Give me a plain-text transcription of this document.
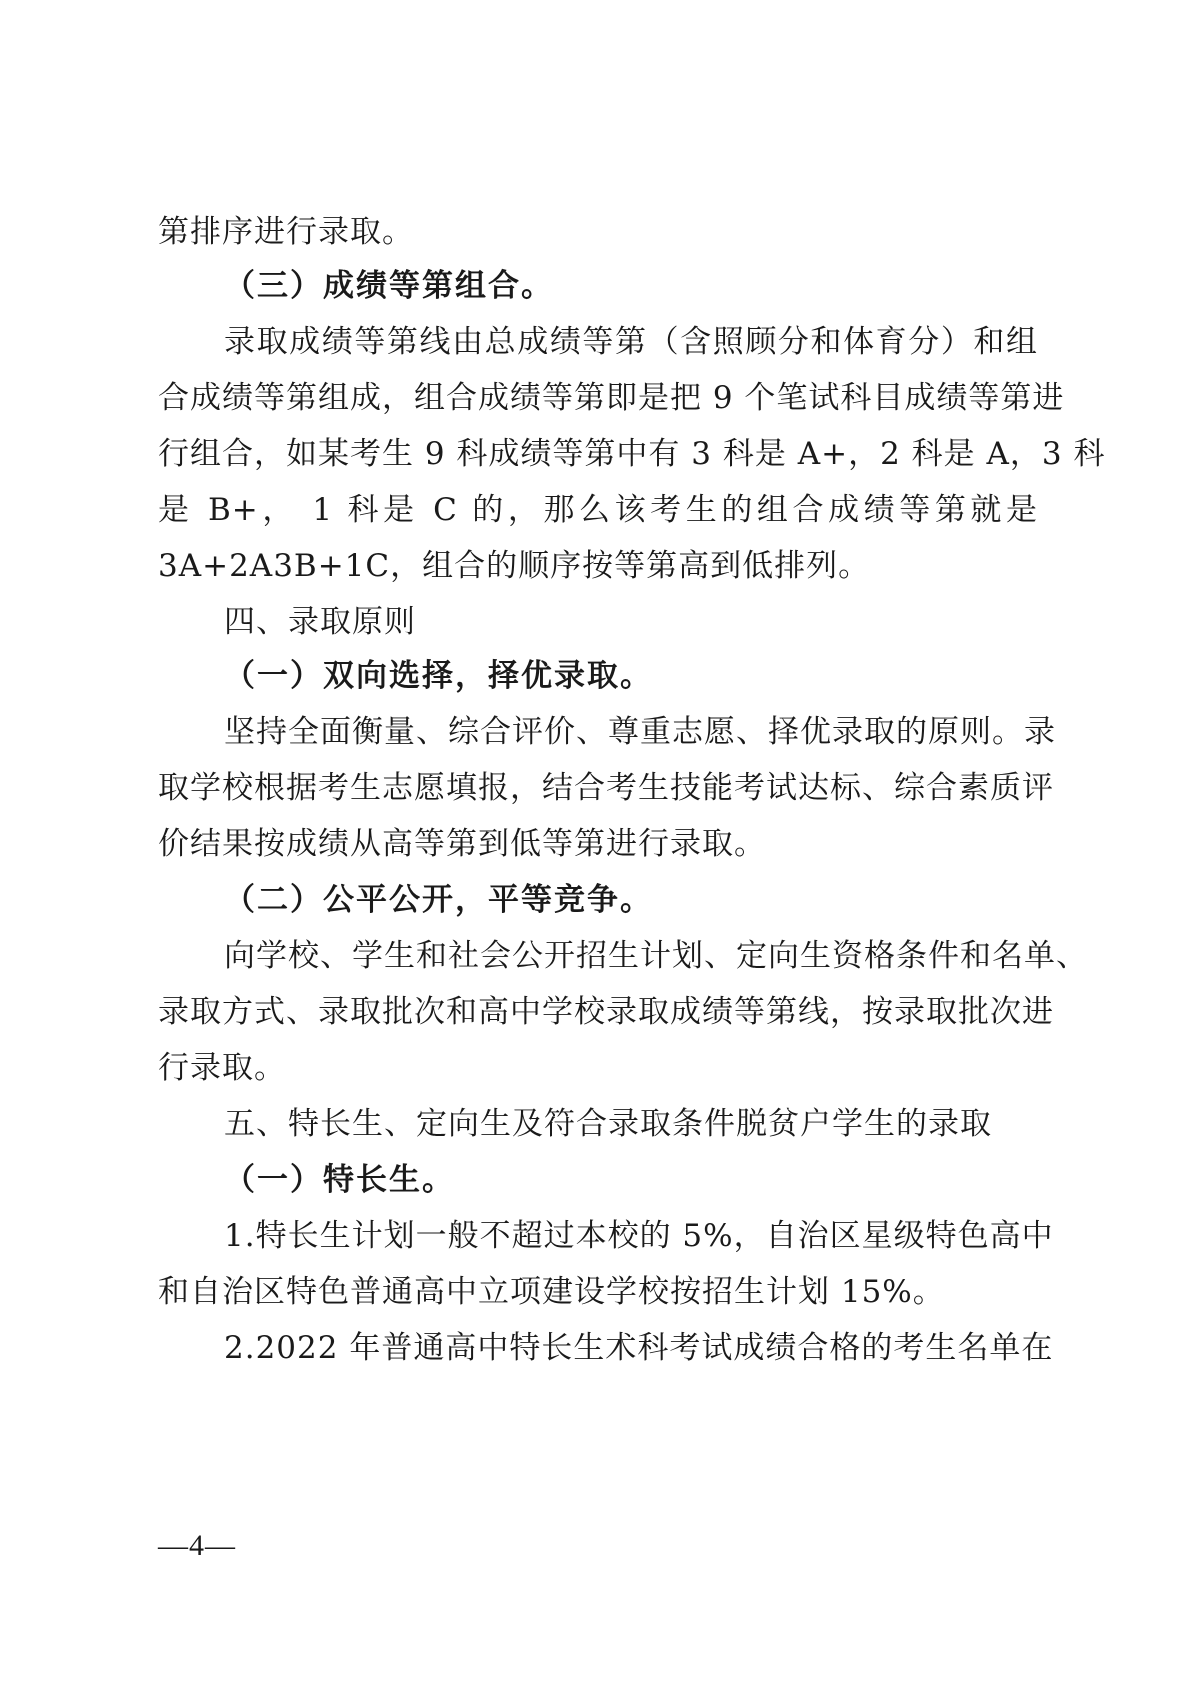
第排序进行录取。
（三）成绩等第组合。
录取成绩等第线由总成绩等第（含照顾分和体育分）和组
合成绩等第组成，组合成绩等第即是把 9 个笔试科目成绩等第进
行组合，如某考生 9 科成绩等第中有 3 科是 A+，2 科是 A，3 科
是 B+， 1 科是 C 的，那么该考生的组合成绩等第就是
3A+2A3B+1C，组合的顺序按等第高到低排列。
四、录取原则
（一）双向选择，择优录取。
坚持全面衡量、综合评价、尊重志愿、择优录取的原则。录
取学校根据考生志愿填报，结合考生技能考试达标、综合素质评
价结果按成绩从高等第到低等第进行录取。
（二）公平公开，平等竞争。
向学校、学生和社会公开招生计划、定向生资格条件和名单、
录取方式、录取批次和高中学校录取成绩等第线，按录取批次进
行录取。
五、特长生、定向生及符合录取条件脱贫户学生的录取
（一）特长生。
1.特长生计划一般不超过本校的 5%，自治区星级特色高中
和自治区特色普通高中立项建设学校按招生计划 15%。
2.2022 年普通高中特长生术科考试成绩合格的考生名单在
—4—
